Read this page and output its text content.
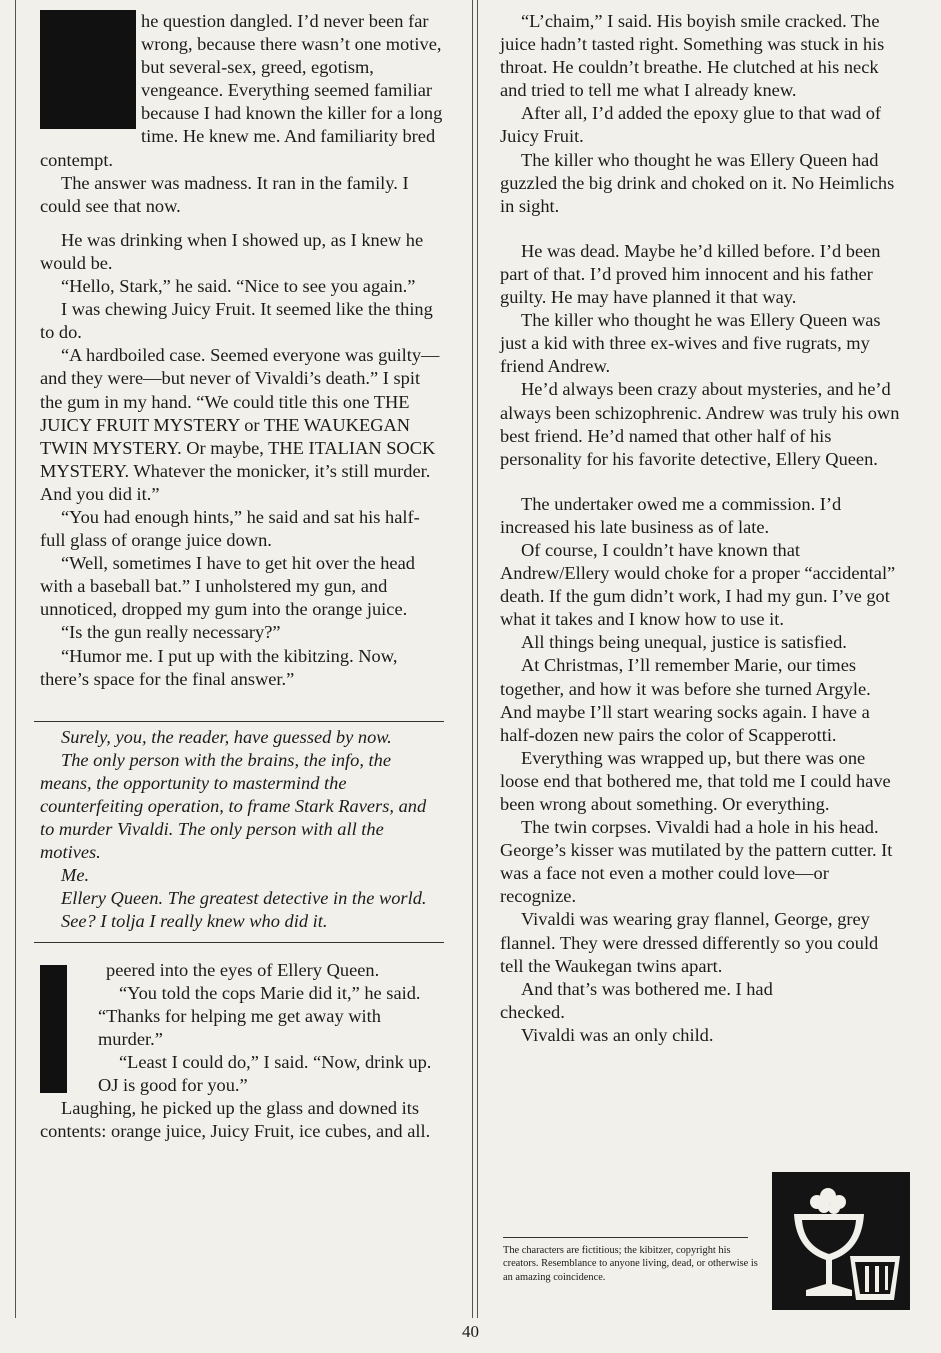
he question dangled. I’d never been far wrong, because there wasn’t one motive, but several-sex, greed, egotism, vengeance. Everything seemed familiar because I had known the killer for a long time. He knew me. And familiarity bred contempt.

The answer was madness. It ran in the family. I could see that now.

He was drinking when I showed up, as I knew he would be.

“Hello, Stark,” he said. “Nice to see you again.”

I was chewing Juicy Fruit. It seemed like the thing to do.

“A hardboiled case. Seemed everyone was guilty—and they were—but never of Vivaldi’s death.” I spit the gum in my hand. “We could title this one THE JUICY FRUIT MYSTERY or THE WAUKEGAN TWIN MYSTERY. Or maybe, THE ITALIAN SOCK MYSTERY. Whatever the monicker, it’s still murder. And you did it.”

“You had enough hints,” he said and sat his half-full glass of orange juice down.

“Well, sometimes I have to get hit over the head with a baseball bat.” I unholstered my gun, and unnoticed, dropped my gum into the orange juice.

“Is the gun really necessary?”

“Humor me. I put up with the kibitzing. Now, there’s space for the final answer.”

Surely, you, the reader, have guessed by now.

The only person with the brains, the info, the means, the opportunity to mastermind the counterfeiting operation, to frame Stark Ravers, and to murder Vivaldi. The only person with all the motives.

Me.

Ellery Queen. The greatest detective in the world.

See? I tolja I really knew who did it.

peered into the eyes of Ellery Queen.

“You told the cops Marie did it,” he said. “Thanks for helping me get away with murder.”

“Least I could do,” I said. “Now, drink up. OJ is good for you.”

Laughing, he picked up the glass and downed its contents: orange juice, Juicy Fruit, ice cubes, and all.

“L’chaim,” I said. His boyish smile cracked. The juice hadn’t tasted right. Something was stuck in his throat. He couldn’t breathe. He clutched at his neck and tried to tell me what I already knew.

After all, I’d added the epoxy glue to that wad of Juicy Fruit.

The killer who thought he was Ellery Queen had guzzled the big drink and choked on it. No Heimlichs in sight.

He was dead. Maybe he’d killed before. I’d been part of that. I’d proved him innocent and his father guilty. He may have planned it that way.

The killer who thought he was Ellery Queen was just a kid with three ex-wives and five rugrats, my friend Andrew.

He’d always been crazy about mysteries, and he’d always been schizophrenic. Andrew was truly his own best friend. He’d named that other half of his personality for his favorite detective, Ellery Queen.

The undertaker owed me a commission. I’d increased his late business as of late.

Of course, I couldn’t have known that Andrew/Ellery would choke for a proper “accidental” death. If the gum didn’t work, I had my gun. I’ve got what it takes and I know how to use it.

All things being unequal, justice is satisfied.

At Christmas, I’ll remember Marie, our times together, and how it was before she turned Argyle. And maybe I’ll start wearing socks again. I have a half-dozen new pairs the color of Scapperotti.

Everything was wrapped up, but there was one loose end that bothered me, that told me I could have been wrong about something. Or everything.

The twin corpses. Vivaldi had a hole in his head. George’s kisser was mutilated by the pattern cutter. It was a face not even a mother could love—or recognize.

Vivaldi was wearing gray flannel, George, grey flannel. They were dressed differently so you could tell the Waukegan twins apart.

And that’s was bothered me. I had checked.

Vivaldi was an only child.

The characters are fictitious; the kibitzer, copyright his creators. Resemblance to anyone living, dead, or otherwise is an amazing coincidence.
40
